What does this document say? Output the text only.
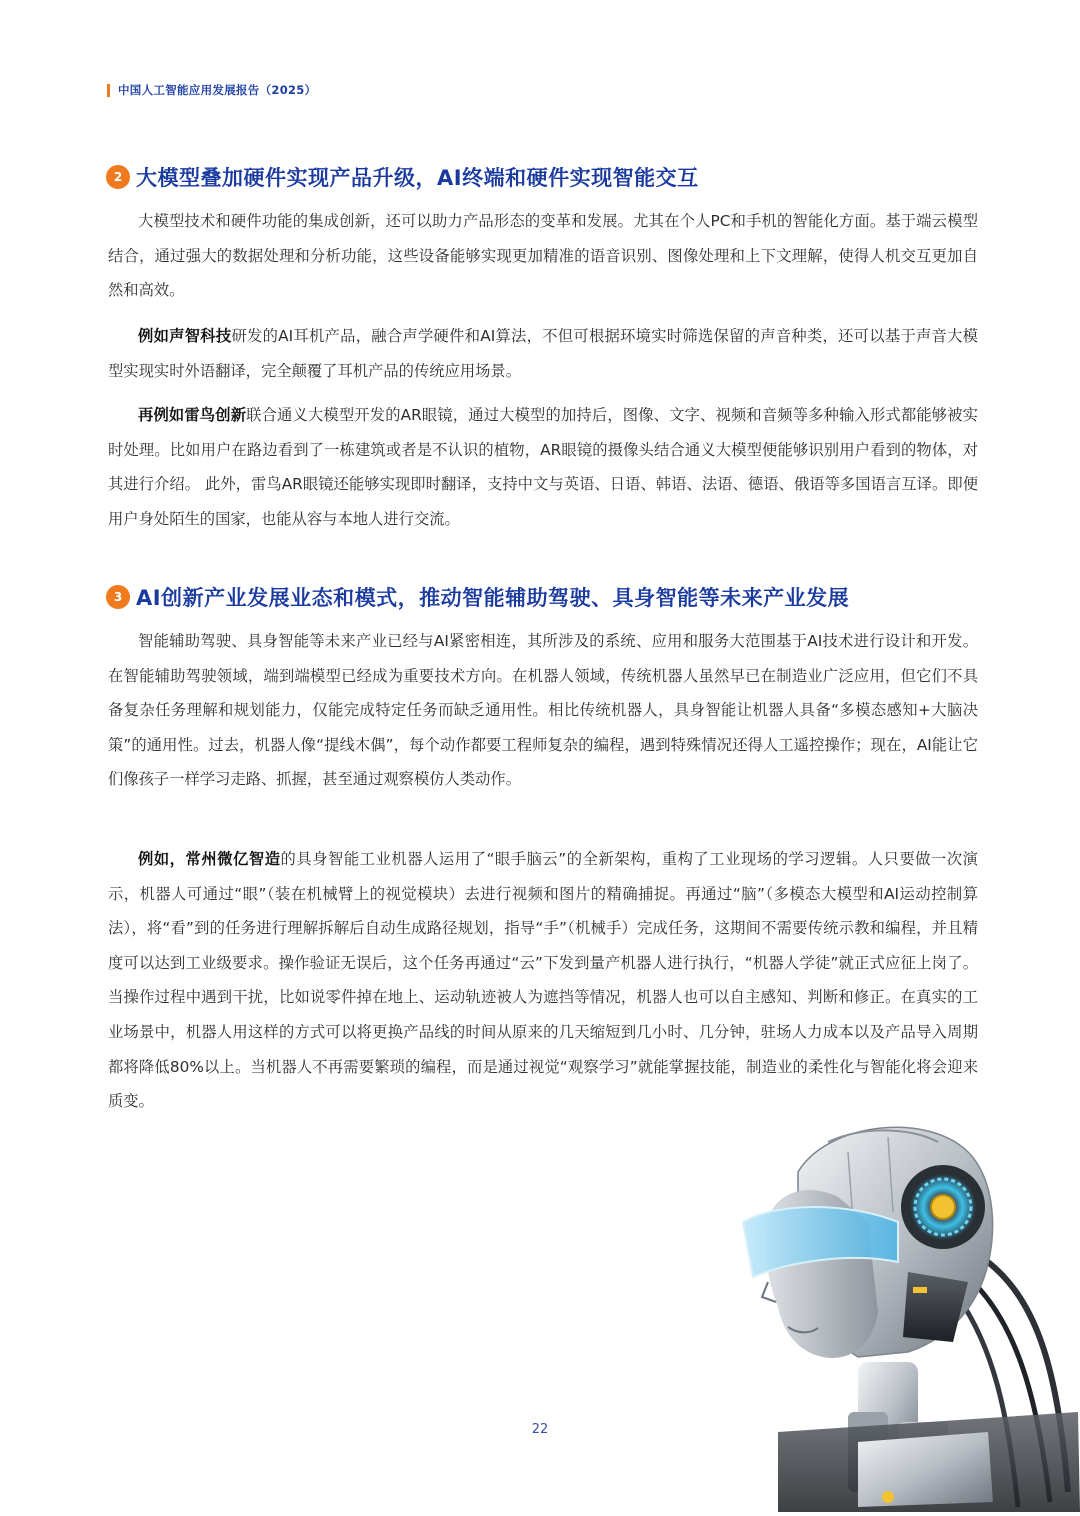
中国人工智能应用发展报告（2025）
2 大模型叠加硬件实现产品升级，AI终端和硬件实现智能交互

大模型技术和硬件功能的集成创新，还可以助力产品形态的变革和发展。尤其在个人PC和手机的智能化方面。基于端云模型结合，通过强大的数据处理和分析功能，这些设备能够实现更加精准的语音识别、图像处理和上下文理解，使得人机交互更加自然和高效。

例如声智科技研发的AI耳机产品，融合声学硬件和AI算法，不但可根据环境实时筛选保留的声音种类，还可以基于声音大模型实现实时外语翻译，完全颠覆了耳机产品的传统应用场景。

再例如雷鸟创新联合通义大模型开发的AR眼镜，通过大模型的加持后，图像、文字、视频和音频等多种输入形式都能够被实时处理。比如用户在路边看到了一栋建筑或者是不认识的植物，AR眼镜的摄像头结合通义大模型便能够识别用户看到的物体，对其进行介绍。 此外，雷鸟AR眼镜还能够实现即时翻译，支持中文与英语、日语、韩语、法语、德语、俄语等多国语言互译。即便用户身处陌生的国家，也能从容与本地人进行交流。

3 AI创新产业发展业态和模式，推动智能辅助驾驶、具身智能等未来产业发展

智能辅助驾驶、具身智能等未来产业已经与AI紧密相连，其所涉及的系统、应用和服务大范围基于AI技术进行设计和开发。在智能辅助驾驶领域，端到端模型已经成为重要技术方向。在机器人领域，传统机器人虽然早已在制造业广泛应用，但它们不具备复杂任务理解和规划能力，仅能完成特定任务而缺乏通用性。相比传统机器人，具身智能让机器人具备“多模态感知+大脑决策”的通用性。过去，机器人像“提线木偶”，每个动作都要工程师复杂的编程，遇到特殊情况还得人工遥控操作；现在，AI能让它们像孩子一样学习走路、抓握，甚至通过观察模仿人类动作。

例如，常州微亿智造的具身智能工业机器人运用了“眼手脑云”的全新架构，重构了工业现场的学习逻辑。人只要做一次演示，机器人可通过“眼”（装在机械臂上的视觉模块）去进行视频和图片的精确捕捉。再通过“脑”（多模态大模型和AI运动控制算法），将“看”到的任务进行理解拆解后自动生成路径规划，指导“手”（机械手）完成任务，这期间不需要传统示教和编程，并且精度可以达到工业级要求。操作验证无误后，这个任务再通过“云”下发到量产机器人进行执行，“机器人学徒”就正式应征上岗了。当操作过程中遇到干扰，比如说零件掉在地上、运动轨迹被人为遮挡等情况，机器人也可以自主感知、判断和修正。在真实的工业场景中，机器人用这样的方式可以将更换产品线的时间从原来的几天缩短到几小时、几分钟，驻场人力成本以及产品导入周期都将降低80%以上。当机器人不再需要繁琐的编程，而是通过视觉“观察学习”就能掌握技能，制造业的柔性化与智能化将会迎来质变。

22
